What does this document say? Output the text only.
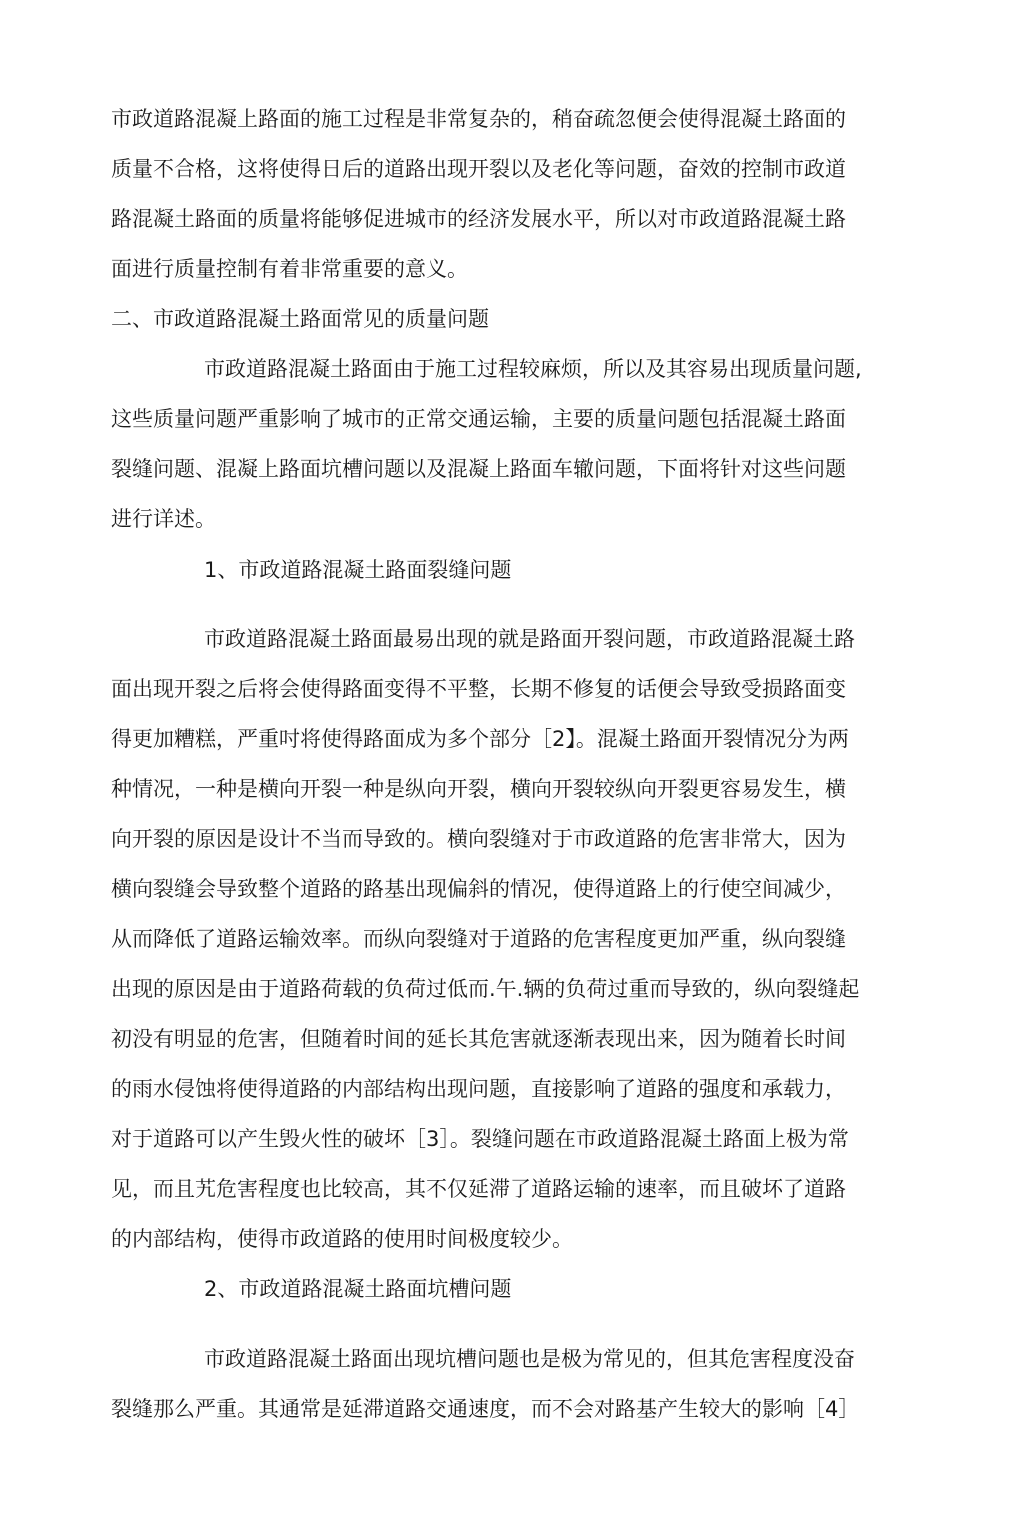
市政道路混凝上路面的施工过程是非常复杂的，稍奋疏忽便会使得混凝土路面的
质量不合格，这将使得日后的道路出现开裂以及老化等问题，奋效的控制市政道
路混凝土路面的质量将能够促进城市的经济发展水平，所以对市政道路混凝土路
面进行质量控制有着非常重要的意义。
二、市政道路混凝土路面常见的质量问题
市政道路混凝土路面由于施工过程较麻烦，所以及其容易出现质量问题,
这些质量问题严重影响了城市的正常交通运输，主要的质量问题包括混凝土路面
裂缝问题、混凝上路面坑槽问题以及混凝上路面车辙问题，下面将针对这些问题
进行详述。
1、市政道路混凝土路面裂缝问题
市政道路混凝土路面最易出现的就是路面开裂问题，市政道路混凝土路
面出现开裂之后将会使得路面变得不平整，长期不修复的话便会导致受损路面变
得更加糟糕，严重吋将使得路面成为多个部分［2】。混凝土路面开裂情况分为两
种情况，一种是横向开裂一种是纵向开裂，横向开裂较纵向开裂更容易发生，横
向开裂的原因是设计不当而导致的。横向裂缝对于市政道路的危害非常大，因为
横向裂缝会导致整个道路的路基出现偏斜的情况，使得道路上的行使空间减少，
从而降低了道路运输效率。而纵向裂缝对于道路的危害程度更加严重，纵向裂缝
出现的原因是由于道路荷载的负荷过低而.午.辆的负荷过重而导致的，纵向裂缝起
初没有明显的危害，但随着时间的延长其危害就逐渐表现出来，因为随着长时间
的雨水侵蚀将使得道路的内部结构出现问题，直接影响了道路的强度和承载力，
对于道路可以产生毁火性的破坏［3］。裂缝问题在市政道路混凝土路面上极为常
见，而且艽危害程度也比较高，其不仅延滞了道路运输的速率，而且破坏了道路
的内部结构，使得市政道路的使用时间极度较少。
2、市政道路混凝土路面坑槽问题
市政道路混凝土路面出现坑槽问题也是极为常见的，但其危害程度没奋
裂缝那么严重。其通常是延滞道路交通速度，而不会对路基产生较大的影响［4］
